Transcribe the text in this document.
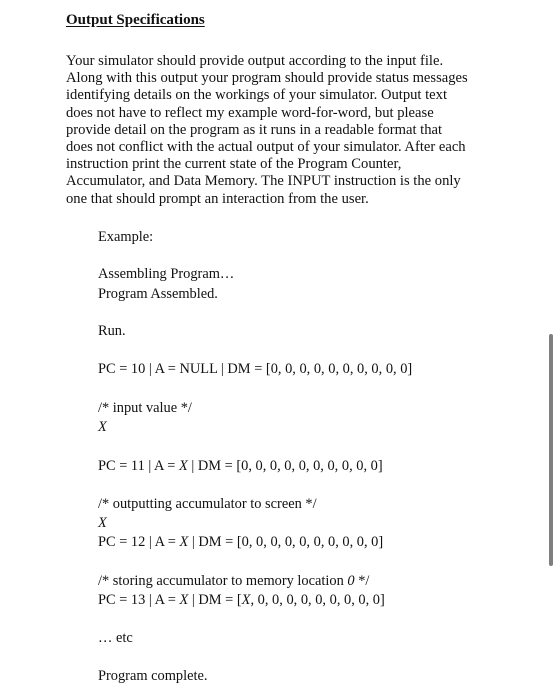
Output Specifications

Your simulator should provide output according to the input file.
Along with this output your program should provide status messages
identifying details on the workings of your simulator. Output text
does not have to reflect my example word-for-word, but please
provide detail on the program as it runs in a readable format that
does not conflict with the actual output of your simulator. After each
instruction print the current state of the Program Counter,
Accumulator, and Data Memory. The INPUT instruction is the only
one that should prompt an interaction from the user.

Example:
Assembling Program…
Program Assembled.
Run.
PC = 10 | A = NULL | DM = [0, 0, 0, 0, 0, 0, 0, 0, 0, 0]
/* input value */
X
PC = 11 | A = X | DM = [0, 0, 0, 0, 0, 0, 0, 0, 0, 0]
/* outputting accumulator to screen */
X
PC = 12 | A = X | DM = [0, 0, 0, 0, 0, 0, 0, 0, 0, 0]
/* storing accumulator to memory location 0 */
PC = 13 | A = X | DM = [X, 0, 0, 0, 0, 0, 0, 0, 0, 0]
… etc
Program complete.
